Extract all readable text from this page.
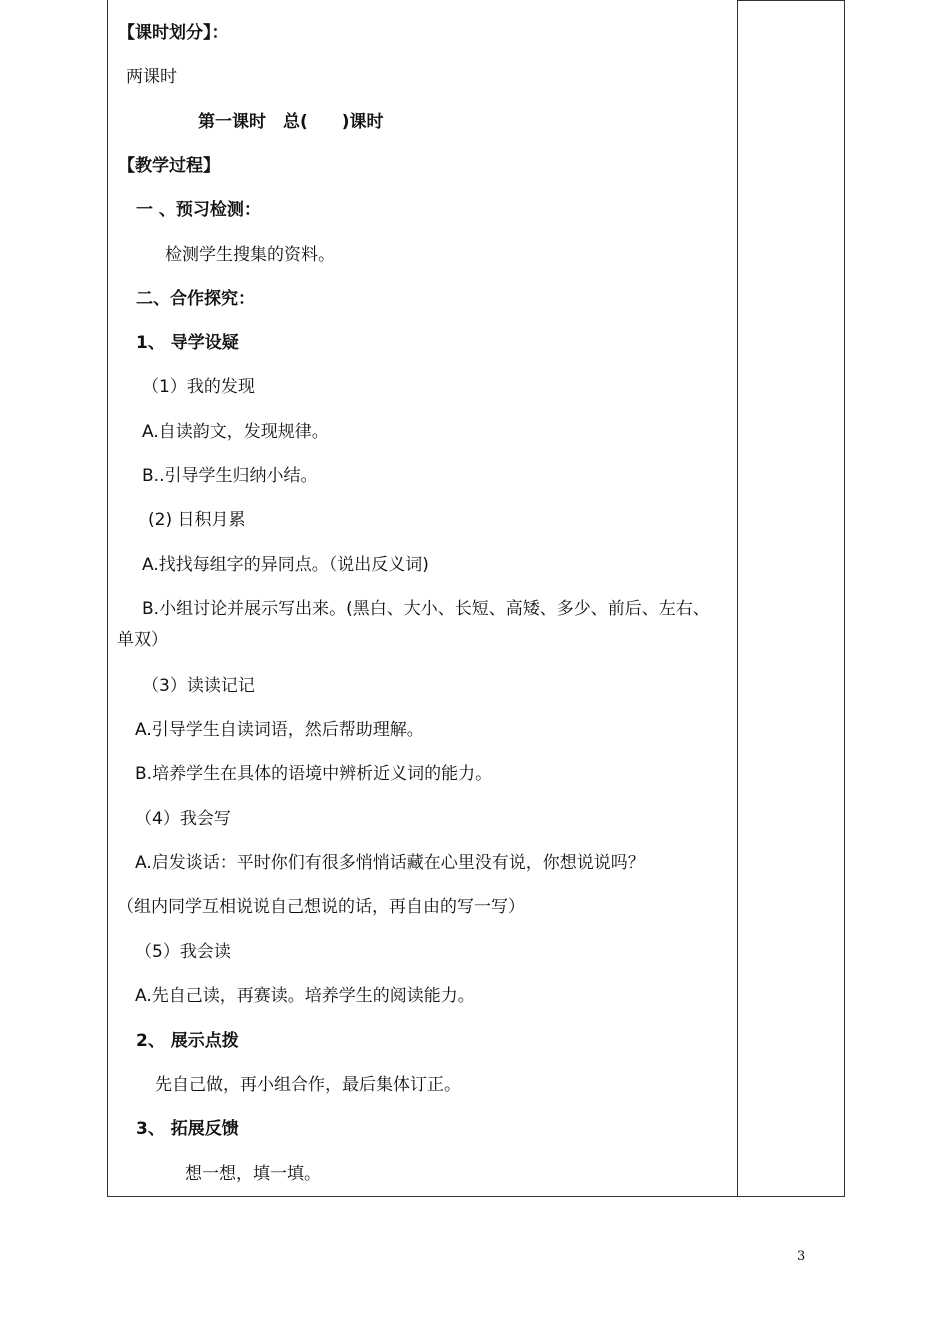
【课时划分】：
两课时
第一课时　总(　　)课时
【教学过程】
一 、预习检测：
检测学生搜集的资料。
二、合作探究：
1、 导学设疑
（1）我的发现
A.自读韵文，发现规律。
B..引导学生归纳小结。
(2) 日积月累
A.找找每组字的异同点。（说出反义词)
B.小组讨论并展示写出来。(黑白、大小、长短、高矮、多少、前后、左右、
单双）
（3）读读记记
A.引导学生自读词语，然后帮助理解。
B.培养学生在具体的语境中辨析近义词的能力。
（4）我会写
A.启发谈话：平时你们有很多悄悄话藏在心里没有说，你想说说吗？
（组内同学互相说说自己想说的话，再自由的写一写）
（5）我会读
A.先自己读，再赛读。培养学生的阅读能力。
2、 展示点拨
先自己做，再小组合作，最后集体订正。
3、 拓展反馈
想一想，填一填。
3
